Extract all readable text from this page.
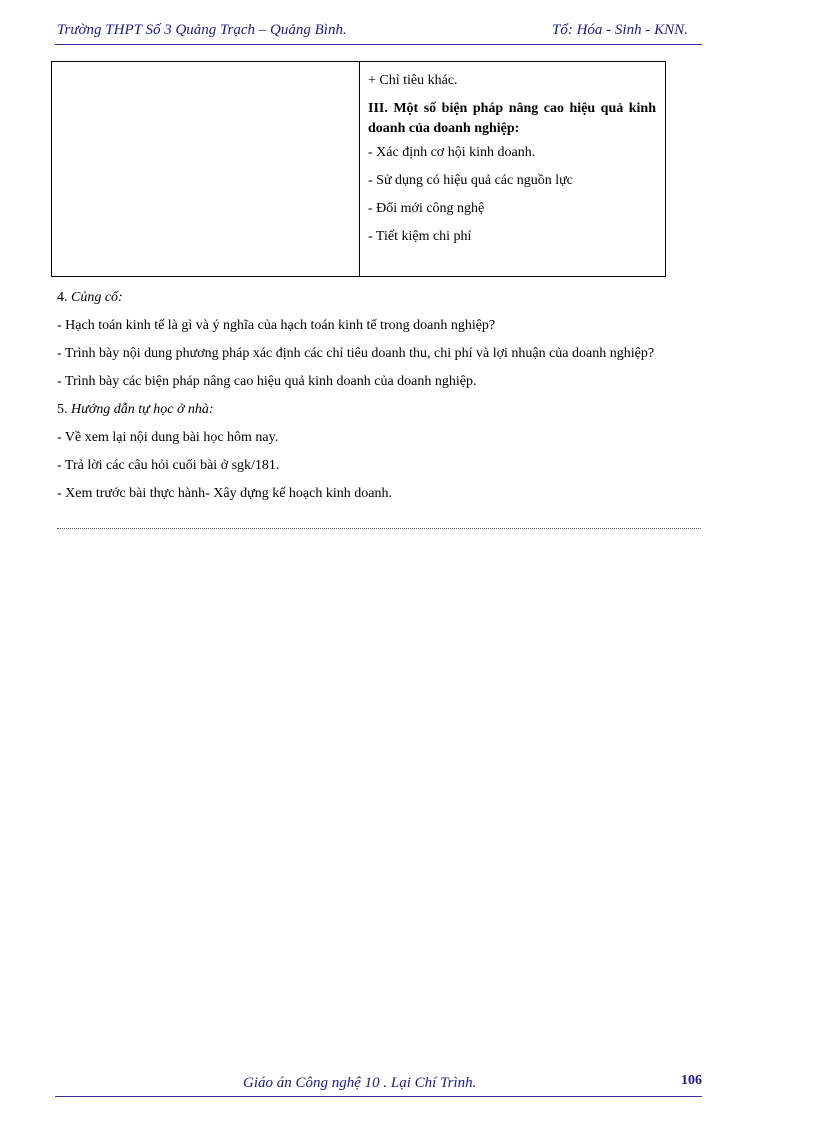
Trường THPT Số 3 Quảng Trạch – Quảng Bình.	Tổ: Hóa - Sinh - KNN.
+ Chỉ tiêu khác.
III. Một số biện pháp nâng cao hiệu quả kinh doanh của doanh nghiệp:
- Xác định cơ hội kinh doanh.
- Sử dụng có hiệu quả các nguồn lực
- Đổi mới công nghệ
- Tiết kiệm chi phí
4. Củng cố:
- Hạch toán kinh tế là gì và ý nghĩa của hạch toán kinh tế trong doanh nghiệp?
- Trình bày nội dung phương pháp xác định các chỉ tiêu doanh thu, chi phí và lợi nhuận của doanh nghiệp?
- Trình bày các biện pháp nâng cao hiệu quả kinh doanh của doanh nghiệp.
5. Hướng dẫn tự học ở nhà:
- Về xem lại nội dung bài học hôm nay.
- Trả lời các câu hỏi cuối bài ở sgk/181.
- Xem trước bài thực hành- Xây dựng kế hoạch kinh doanh.
Giáo án Công nghệ 10 . Lại Chí Trình.	106
